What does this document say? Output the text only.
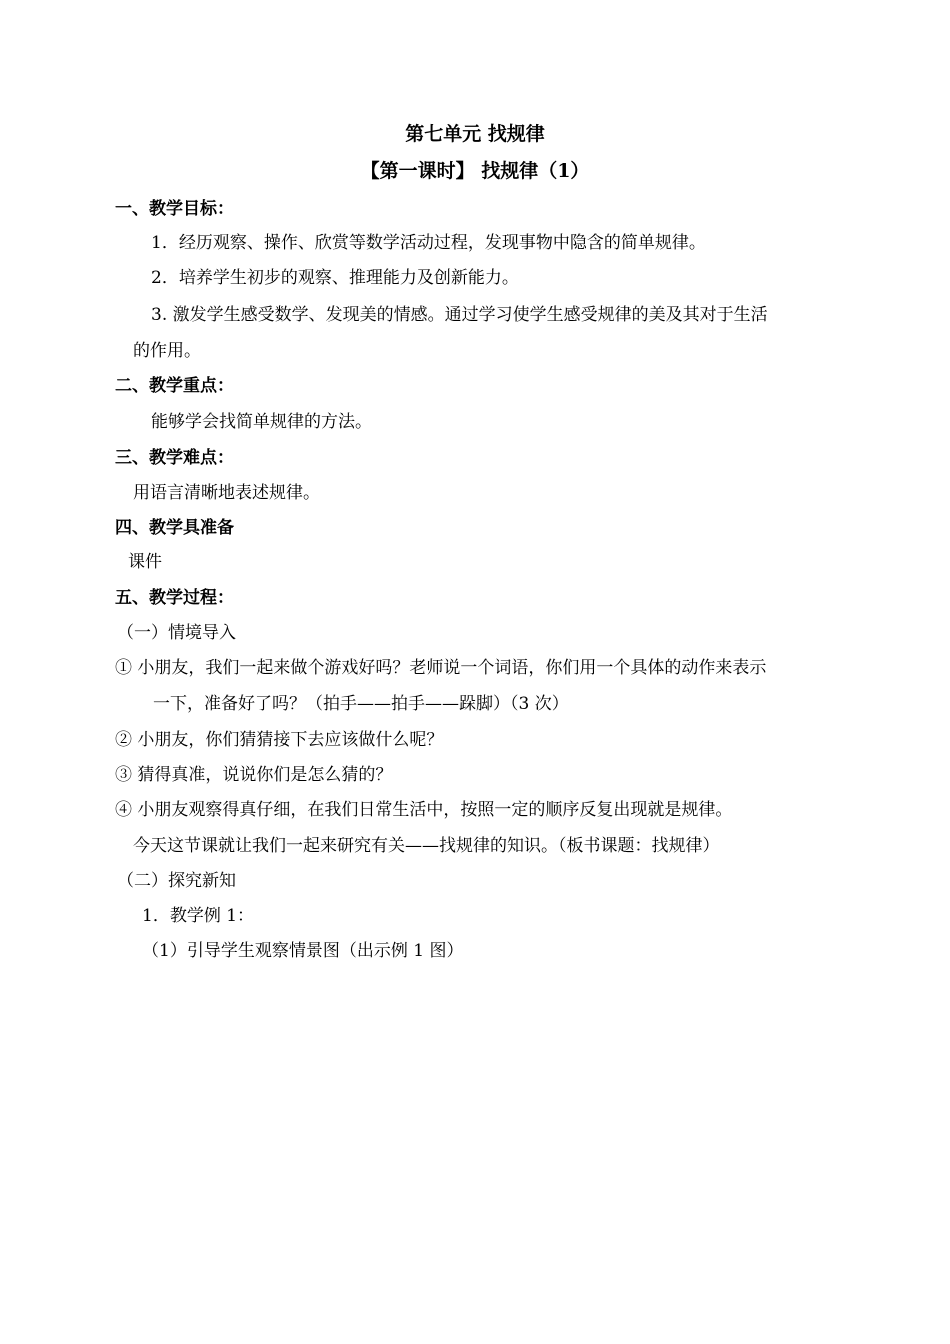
第七单元 找规律
【第一课时】 找规律（1）
一、教学目标：
1．经历观察、操作、欣赏等数学活动过程，发现事物中隐含的简单规律。
2．培养学生初步的观察、推理能力及创新能力。
3. 激发学生感受数学、发现美的情感。通过学习使学生感受规律的美及其对于生活
的作用。
二、教学重点：
能够学会找简单规律的方法。
三、教学难点：
用语言清晰地表述规律。
四、教学具准备
课件
五、教学过程：
（一）情境导入
① 小朋友，我们一起来做个游戏好吗？老师说一个词语，你们用一个具体的动作来表示
一下，准备好了吗？（拍手——拍手——跺脚）（3 次）
② 小朋友，你们猜猜接下去应该做什么呢？
③ 猜得真准，说说你们是怎么猜的？
④ 小朋友观察得真仔细，在我们日常生活中，按照一定的顺序反复出现就是规律。
今天这节课就让我们一起来研究有关——找规律的知识。（板书课题：找规律）
（二）探究新知
1．教学例 1：
（1）引导学生观察情景图（出示例 1 图）
